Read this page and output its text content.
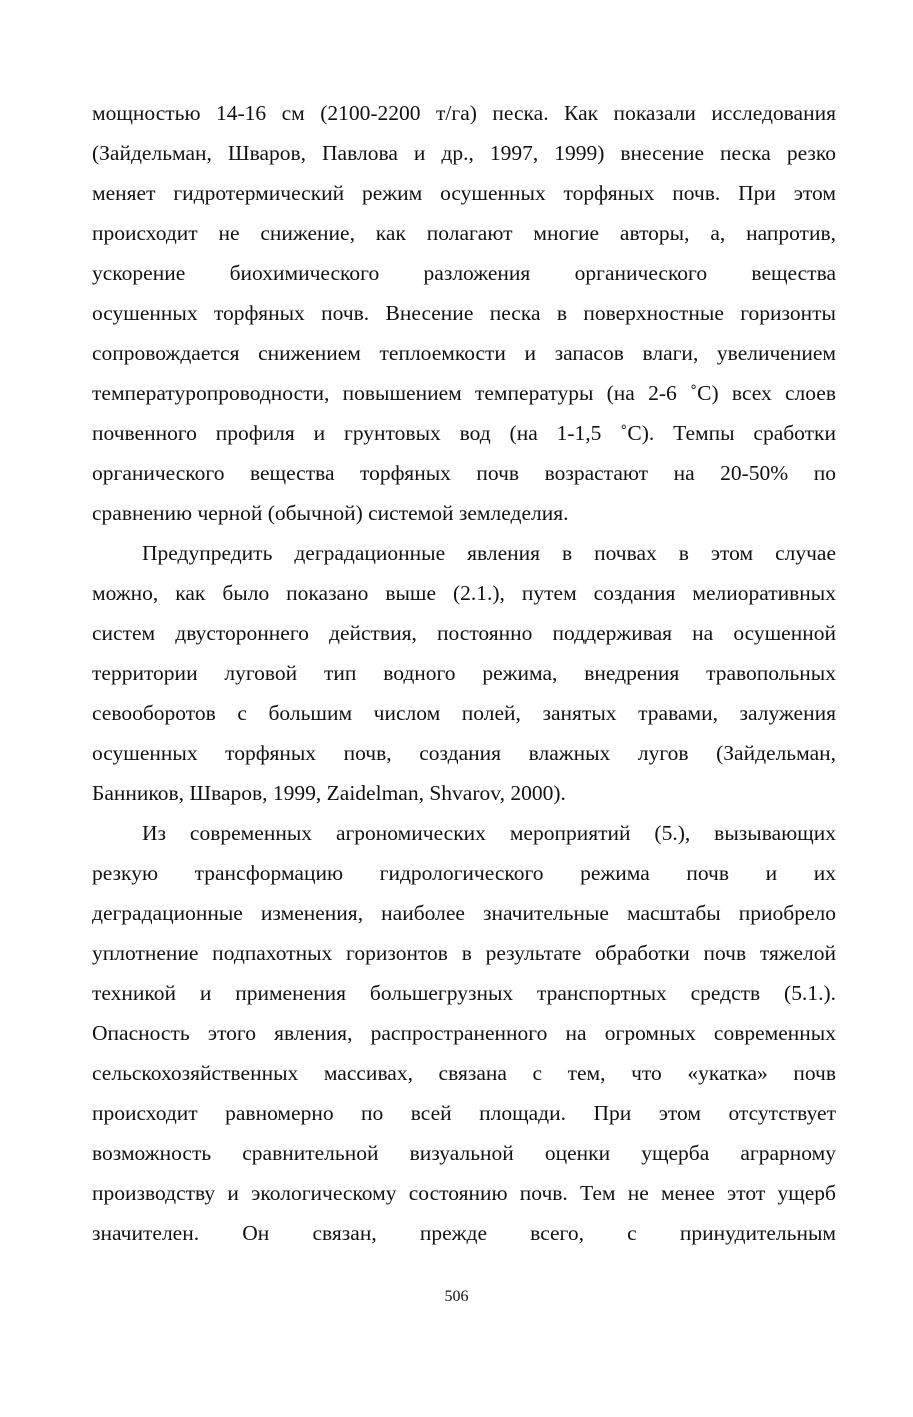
мощностью 14-16 см (2100-2200 т/га) песка. Как показали исследования
(Зайдельман, Шваров, Павлова и др., 1997, 1999) внесение песка резко
меняет гидротермический режим осушенных торфяных почв. При этом
происходит не снижение, как полагают многие авторы, а, напротив,
ускорение биохимического разложения органического вещества
осушенных торфяных почв. Внесение песка в поверхностные горизонты
сопровождается снижением теплоемкости и запасов влаги, увеличением
температуропроводности, повышением температуры (на 2-6 ˚С) всех слоев
почвенного профиля и грунтовых вод (на 1-1,5 ˚С). Темпы сработки
органического вещества торфяных почв возрастают на 20-50% по
сравнению черной (обычной) системой земледелия.
Предупредить деградационные явления в почвах в этом случае
можно, как было показано выше (2.1.), путем создания мелиоративных
систем двустороннего действия, постоянно поддерживая на осушенной
территории луговой тип водного режима, внедрения травопольных
севооборотов с большим числом полей, занятых травами, залужения
осушенных торфяных почв, создания влажных лугов (Зайдельман,
Банников, Шваров, 1999, Zaidelman, Shvarov, 2000).
Из современных агрономических мероприятий (5.), вызывающих
резкую трансформацию гидрологического режима почв и их
деградационные изменения, наиболее значительные масштабы приобрело
уплотнение подпахотных горизонтов в результате обработки почв тяжелой
техникой и применения большегрузных транспортных средств (5.1.).
Опасность этого явления, распространенного на огромных современных
сельскохозяйственных массивах, связана с тем, что «укатка» почв
происходит равномерно по всей площади. При этом отсутствует
возможность сравнительной визуальной оценки ущерба аграрному
производству и экологическому состоянию почв. Тем не менее этот ущерб
значителен. Он связан, прежде всего, с принудительным
506
